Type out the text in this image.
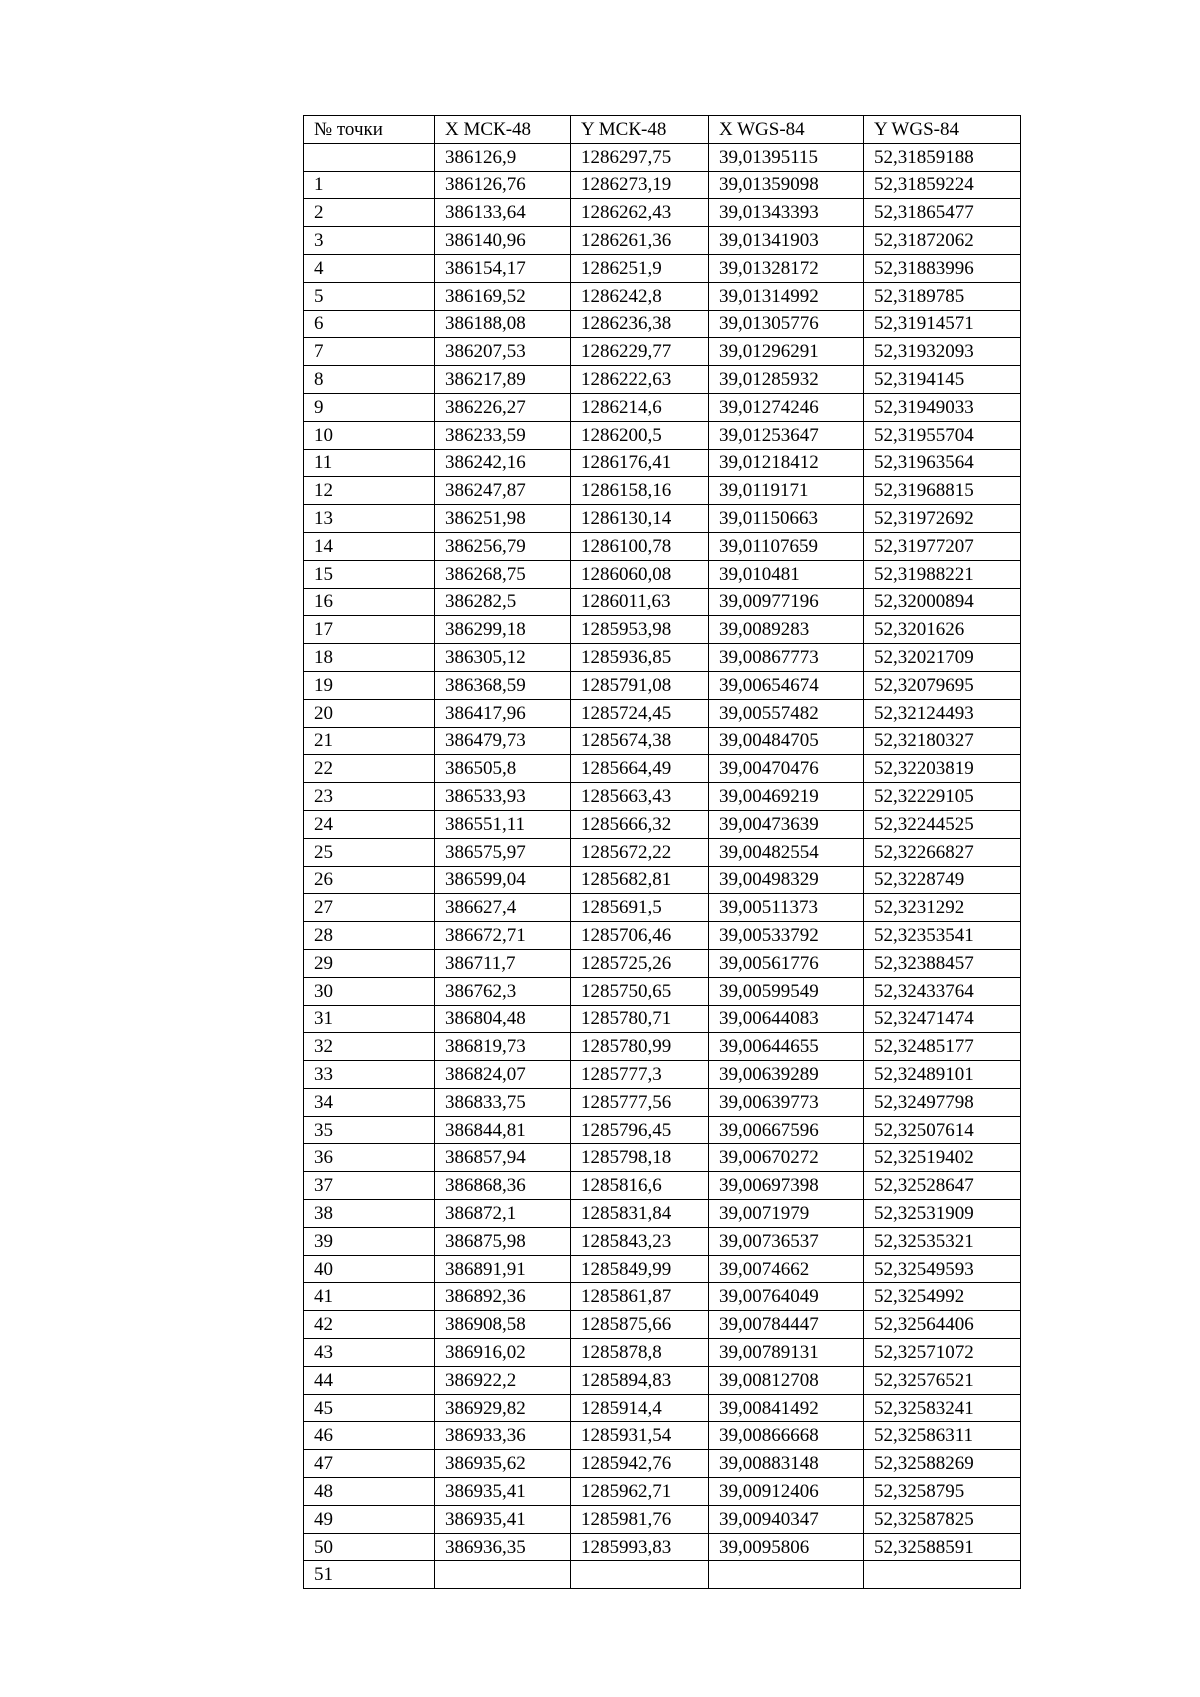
№ точки	X МСК-48	Y МСК-48	X WGS-84	Y WGS-84
	386126,9	1286297,75	39,01395115	52,31859188
1	386126,76	1286273,19	39,01359098	52,31859224
2	386133,64	1286262,43	39,01343393	52,31865477
3	386140,96	1286261,36	39,01341903	52,31872062
4	386154,17	1286251,9	39,01328172	52,31883996
5	386169,52	1286242,8	39,01314992	52,3189785
6	386188,08	1286236,38	39,01305776	52,31914571
7	386207,53	1286229,77	39,01296291	52,31932093
8	386217,89	1286222,63	39,01285932	52,3194145
9	386226,27	1286214,6	39,01274246	52,31949033
10	386233,59	1286200,5	39,01253647	52,31955704
11	386242,16	1286176,41	39,01218412	52,31963564
12	386247,87	1286158,16	39,0119171	52,31968815
13	386251,98	1286130,14	39,01150663	52,31972692
14	386256,79	1286100,78	39,01107659	52,31977207
15	386268,75	1286060,08	39,010481	52,31988221
16	386282,5	1286011,63	39,00977196	52,32000894
17	386299,18	1285953,98	39,0089283	52,3201626
18	386305,12	1285936,85	39,00867773	52,32021709
19	386368,59	1285791,08	39,00654674	52,32079695
20	386417,96	1285724,45	39,00557482	52,32124493
21	386479,73	1285674,38	39,00484705	52,32180327
22	386505,8	1285664,49	39,00470476	52,32203819
23	386533,93	1285663,43	39,00469219	52,32229105
24	386551,11	1285666,32	39,00473639	52,32244525
25	386575,97	1285672,22	39,00482554	52,32266827
26	386599,04	1285682,81	39,00498329	52,3228749
27	386627,4	1285691,5	39,00511373	52,3231292
28	386672,71	1285706,46	39,00533792	52,32353541
29	386711,7	1285725,26	39,00561776	52,32388457
30	386762,3	1285750,65	39,00599549	52,32433764
31	386804,48	1285780,71	39,00644083	52,32471474
32	386819,73	1285780,99	39,00644655	52,32485177
33	386824,07	1285777,3	39,00639289	52,32489101
34	386833,75	1285777,56	39,00639773	52,32497798
35	386844,81	1285796,45	39,00667596	52,32507614
36	386857,94	1285798,18	39,00670272	52,32519402
37	386868,36	1285816,6	39,00697398	52,32528647
38	386872,1	1285831,84	39,0071979	52,32531909
39	386875,98	1285843,23	39,00736537	52,32535321
40	386891,91	1285849,99	39,0074662	52,32549593
41	386892,36	1285861,87	39,00764049	52,3254992
42	386908,58	1285875,66	39,00784447	52,32564406
43	386916,02	1285878,8	39,00789131	52,32571072
44	386922,2	1285894,83	39,00812708	52,32576521
45	386929,82	1285914,4	39,00841492	52,32583241
46	386933,36	1285931,54	39,00866668	52,32586311
47	386935,62	1285942,76	39,00883148	52,32588269
48	386935,41	1285962,71	39,00912406	52,3258795
49	386935,41	1285981,76	39,00940347	52,32587825
50	386936,35	1285993,83	39,0095806	52,32588591
51				
